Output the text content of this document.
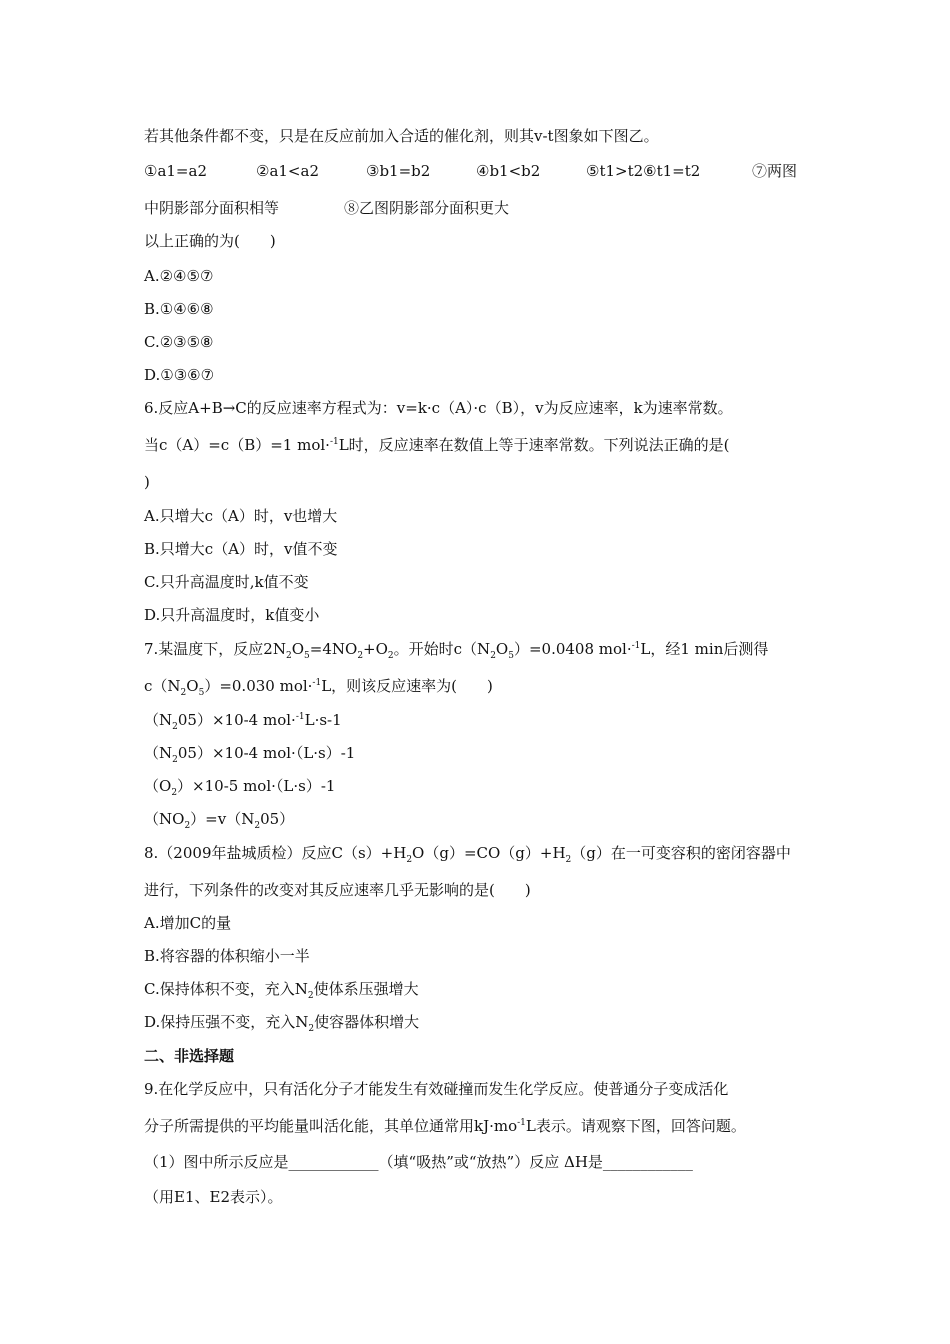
若其他条件都不变，只是在反应前加入合适的催化剂，则其v-t图象如下图乙。
①a1=a2	②a1<a2	③b1=b2	④b1<b2	⑤t1>t2⑥t1=t2	⑦两图
中阴影部分面积相等	⑧乙图阴影部分面积更大
以上正确的为(　　)
A.②④⑤⑦
B.①④⑥⑧
C.②③⑤⑧
D.①③⑥⑦
6.反应A+B→C的反应速率方程式为：v=k·c（A）·c（B），v为反应速率，k为速率常数。
当c（A）=c（B）=1 mol·$^{-1}$L时，反应速率在数值上等于速率常数。下列说法正确的是(
)
A.只增大c（A）时，v也增大
B.只增大c（A）时，v值不变
C.只升高温度时,k值不变
D.只升高温度时，k值变小
7.某温度下，反应$2N_2O_5=4NO_2+O_2$。开始时$c(N_2O_5)=0.0408$ mol·$^{-1}$L，经1 min后测得
$c(N_2O_5)=0.030$ mol·$^{-1}$L，则该反应速率为(　　)
$(N_205)\times 10-4$ mol·$^{-1}$L·s-1
$(N_205)\times 10-4$ mol·（L·s）-1
$(O_2)\times 10-5$ mol·（L·s）-1
$(NO_2)=v(N_205)$
8.（2009年盐城质检）反应$C(s)+H_2O(g)=CO(g)+H_2(g)$在一可变容积的密闭容器中
进行，下列条件的改变对其反应速率几乎无影响的是(　　)
A.增加C的量
B.将容器的体积缩小一半
C.保持体积不变，充入$N_2$使体系压强增大
D.保持压强不变，充入$N_2$使容器体积增大
二、非选择题
9.在化学反应中，只有活化分子才能发生有效碰撞而发生化学反应。使普通分子变成活化
分子所需提供的平均能量叫活化能，其单位通常用$kJ\cdot mo^{-1}L$表示。请观察下图，回答问题。
（1）图中所示反应是____________（填“吸热”或“放热”）反应 ΔH是____________
（用E1、E2表示）。
